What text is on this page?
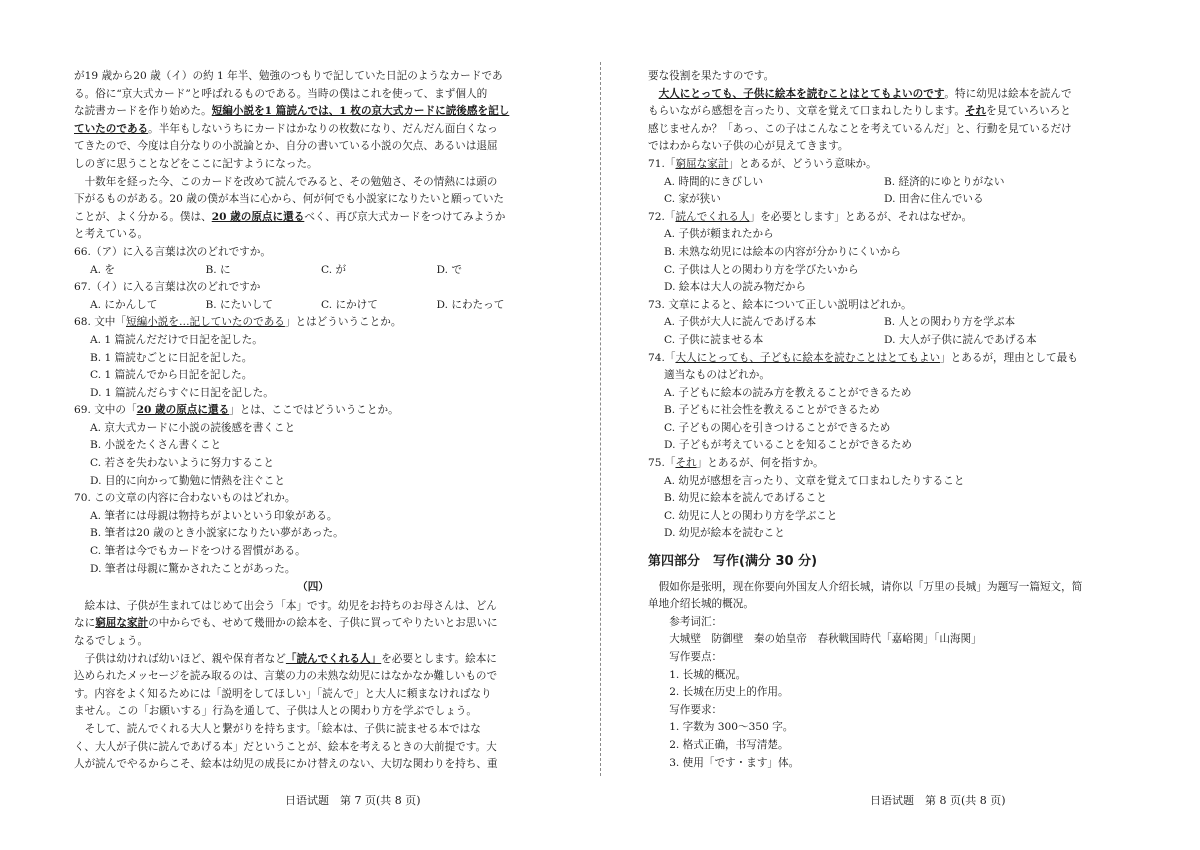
が19 歳から20 歳（イ）の約 1 年半、勉強のつもりで記していた日記のようなカードであ

る。俗に“京大式カード”と呼ばれるものである。当時の僕はこれを使って、まず個人的

な読書カードを作り始めた。短編小説を1 篇読んでは、1 枚の京大式カードに読後感を記し

ていたのである。半年もしないうちにカードはかなりの枚数になり、だんだん面白くなっ

てきたので、今度は自分なりの小説論とか、自分の書いている小説の欠点、あるいは退屈

しのぎに思うことなどをここに記すようになった。

十数年を経った今、このカードを改めて読んでみると、その勉勉さ、その情熱には頭の

下がるものがある。20 歳の僕が本当に心から、何が何でも小説家になりたいと願っていた

ことが、よく分かる。僕は、20 歳の原点に還るべく、再び京大式カードをつけてみようか

と考えている。

66.（ア）に入る言葉は次のどれですか。

A. を	B. に	C. が	D. で

67.（イ）に入る言葉は次のどれですか

A. にかんして	B. にたいして	C. にかけて	D. にわたって

68. 文中「短編小説を…記していたのである」とはどういうことか。

A. 1 篇読んだだけで日記を記した。

B. 1 篇読むごとに日記を記した。

C. 1 篇読んでから日記を記した。

D. 1 篇読んだらすぐに日記を記した。

69. 文中の「20 歳の原点に還る」とは、ここではどういうことか。

A. 京大式カードに小説の読後感を書くこと

B. 小説をたくさん書くこと

C. 若さを失わないように努力すること

D. 目的に向かって勤勉に情熱を注ぐこと

70. この文章の内容に合わないものはどれか。

A. 筆者には母親は物持ちがよいという印象がある。

B. 筆者は20 歳のとき小説家になりたい夢があった。

C. 筆者は今でもカードをつける習慣がある。

D. 筆者は母親に驚かされたことがあった。

（四）

絵本は、子供が生まれてはじめて出会う「本」です。幼児をお持ちのお母さんは、どん

なに窮屈な家計の中からでも、せめて幾冊かの絵本を、子供に買ってやりたいとお思いに

なるでしょう。

子供は幼ければ幼いほど、親や保育者など「読んでくれる人」を必要とします。絵本に

込められたメッセージを読み取るのは、言葉の力の未熟な幼児にはなかなか難しいもので

す。内容をよく知るためには「説明をしてほしい」「読んで」と大人に頼まなければなり

ません。この「お願いする」行為を通して、子供は人との関わり方を学ぶでしょう。

そして、読んでくれる大人と繋がりを持ちます。「絵本は、子供に読ませる本ではな

く、大人が子供に読んであげる本」だということが、絵本を考えるときの大前提です。大

人が読んでやるからこそ、絵本は幼児の成長にかけ替えのない、大切な関わりを持ち、重

要な役割を果たすのです。

大人にとっても、子供に絵本を読むことはとてもよいのです。特に幼児は絵本を読んで

もらいながら感想を言ったり、文章を覚えて口まねしたりします。それを見ていろいろと

感じませんか？「あっ、この子はこんなことを考えているんだ」と、行動を見ているだけ

ではわからない子供の心が見えてきます。

71.「窮屈な家計」とあるが、どういう意味か。

A. 時間的にきびしい	B. 経済的にゆとりがない
C. 家が狭い	D. 田舎に住んでいる

72.「読んでくれる人」を必要とします」とあるが、それはなぜか。

A. 子供が頼まれたから

B. 未熟な幼児には絵本の内容が分かりにくいから

C. 子供は人との関わり方を学びたいから

D. 絵本は大人の読み物だから

73. 文章によると、絵本について正しい説明はどれか。

A. 子供が大人に読んであげる本	B. 人との関わり方を学ぶ本
C. 子供に読ませる本	D. 大人が子供に読んであげる本

74.「大人にとっても、子どもに絵本を読むことはとてもよい」とあるが，理由として最も

適当なものはどれか。

A. 子どもに絵本の読み方を教えることができるため

B. 子どもに社会性を教えることができるため

C. 子どもの関心を引きつけることができるため

D. 子どもが考えていることを知ることができるため

75.「それ」とあるが、何を指すか。

A. 幼児が感想を言ったり、文章を覚えて口まねしたりすること

B. 幼児に絵本を読んであげること

C. 幼児に人との関わり方を学ぶこと

D. 幼児が絵本を読むこと

第四部分　写作(满分 30 分)

假如你是张明，现在你要向外国友人介绍长城，请你以「万里の長城」为题写一篇短文，简

单地介绍长城的概况。

参考词汇：

大城壁　防御壁　秦の始皇帝　春秋戦国時代「嘉峪関」「山海関」

写作要点：

1. 长城的概况。

2. 长城在历史上的作用。

写作要求：

1. 字数为 300～350 字。

2. 格式正确，书写清楚。

3. 使用「です・ます」体。

日语试题　第 7 页(共 8 页)	日语试题　第 8 页(共 8 页)
